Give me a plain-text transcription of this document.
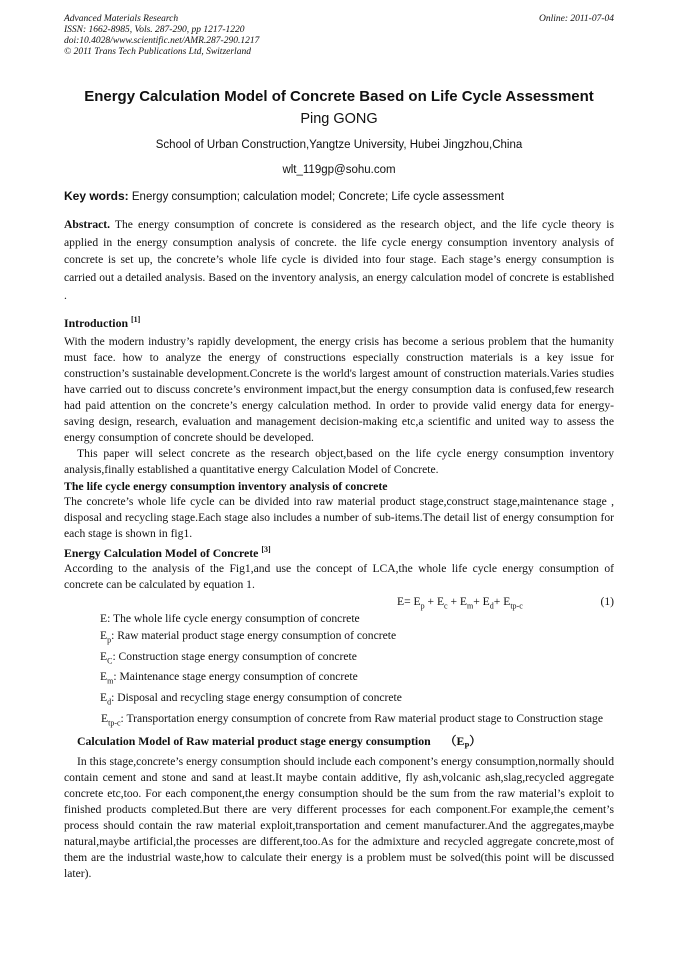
Advanced Materials Research
ISSN: 1662-8985, Vols. 287-290, pp 1217-1220
doi:10.4028/www.scientific.net/AMR.287-290.1217
© 2011 Trans Tech Publications Ltd, Switzerland
Online: 2011-07-04
Energy Calculation Model of Concrete Based on Life Cycle Assessment
Ping GONG
School of Urban Construction,Yangtze University, Hubei Jingzhou,China
wlt_119gp@sohu.com
Key words: Energy consumption; calculation model; Concrete; Life cycle assessment

Abstract. The energy consumption of concrete is considered as the research object, and the life cycle theory is applied in the energy consumption analysis of concrete. the life cycle energy consumption inventory analysis of concrete is set up, the concrete’s whole life cycle is divided into four stage. Each stage’s energy consumption is carried out a detailed analysis. Based on the inventory analysis, an energy calculation model of concrete is established .

Introduction [1]

With the modern industry’s rapidly development, the energy crisis has become a serious problem that the humanity must face. how to analyze the energy of constructions especially construction materials is a key issue for construction’s sustainable development.Concrete is the world's largest amount of construction materials.Varies studies have carried out to discuss concrete’s environment impact,but the energy consumption data is confused,few research had paid attention on the concrete’s energy calculation method. In order to provide valid energy data for energy-saving design, research, evaluation and management decision-making etc,a scientific and united way to assess the energy consumption of concrete should be developed.

This paper will select concrete as the research object,based on the life cycle energy consumption inventory analysis,finally established a quantitative energy Calculation Model of Concrete.

The life cycle energy consumption inventory analysis of concrete

The concrete’s whole life cycle can be divided into raw material product stage,construct stage,maintenance stage , disposal and recycling stage.Each stage also includes a number of sub-items.The detail list of energy consumption for each stage is shown in fig1.

Energy Calculation Model of Concrete [3]

According to the analysis of the Fig1,and use the concept of LCA,the whole life cycle energy consumption of concrete can be calculated by equation 1.

$E= E_p + E_c + E_m+ E_d+ E_{tp-c}$	(1)
E: The whole life cycle energy consumption of concrete
$E_p$: Raw material product stage energy consumption of concrete
$E_C$: Construction stage energy consumption of concrete
$E_m$: Maintenance stage energy consumption of concrete
$E_d$: Disposal and recycling stage energy consumption of concrete
$E_{tp-c}$ : Transportation energy consumption of concrete from Raw material product stage to Construction stage
Calculation Model of Raw material product stage energy consumption $(E_P)$

In this stage,concrete’s energy consumption should include each component’s energy consumption,normally should contain cement and stone and sand at least.It maybe contain additive, fly ash,volcanic ash,slag,recycled aggregate concrete etc,too. For each component,the energy consumption should be the sum from the raw material’s exploit to finished products completed.But there are very different processes for each component.For example,the cement’s process should contain the raw material exploit,transportation and cement manufacturer.And the aggregates,maybe natural,maybe artificial,the processes are different,too.As for the admixture and recycled aggregate concrete,most of them are the industrial waste,how to calculate their energy is a problem must be solved(this point will be discussed later).
